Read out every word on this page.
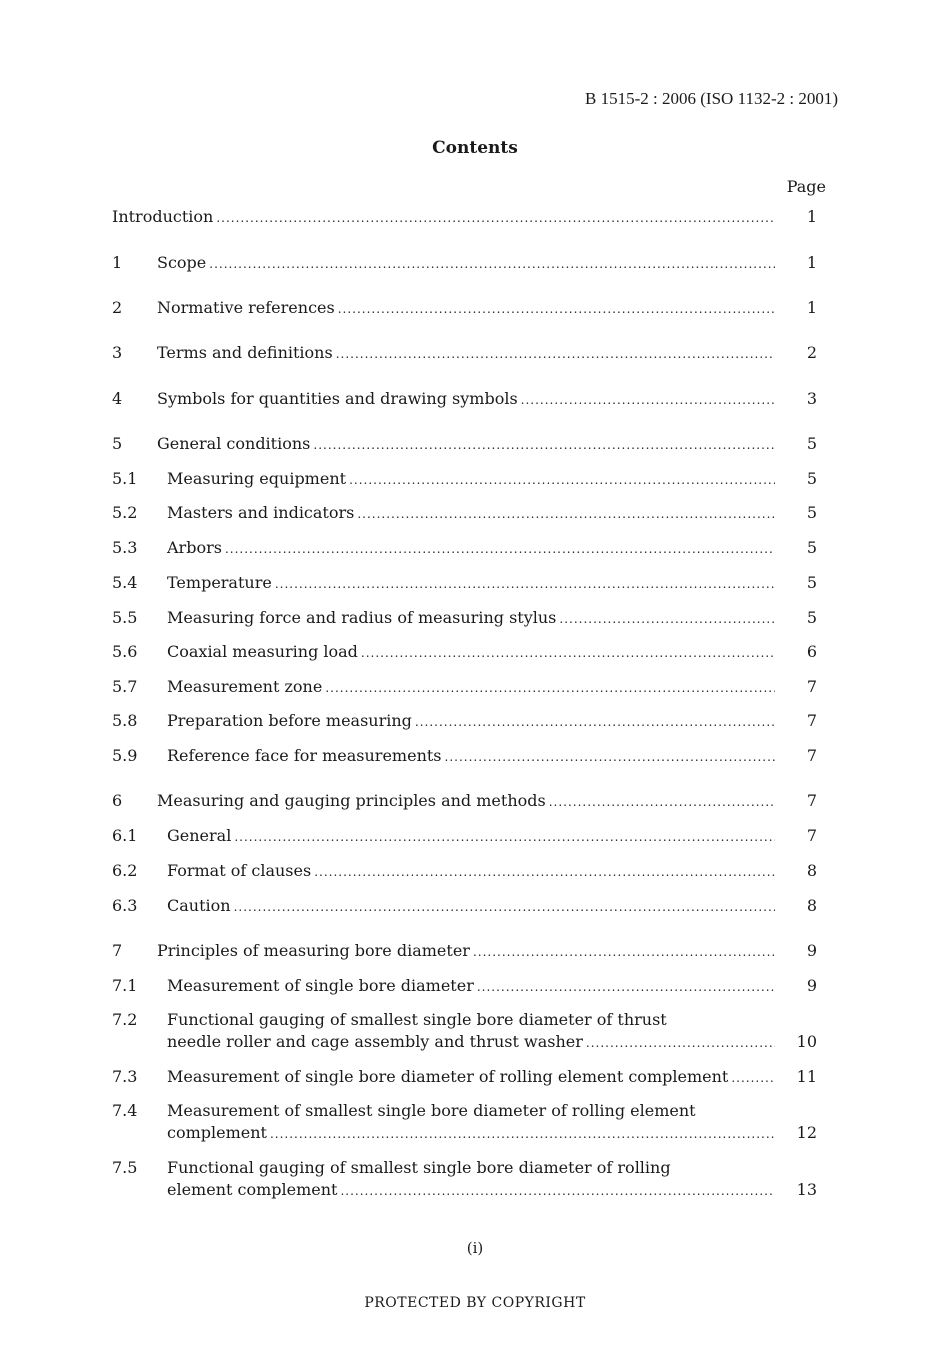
B 1515-2 : 2006 (ISO 1132-2 : 2001)
Contents
Page
Introduction .....	1
1 Scope .....	1
2 Normative references .....	1
3 Terms and definitions .....	2
4 Symbols for quantities and drawing symbols .....	3
5 General conditions .....	5
5.1 Measuring equipment .....	5
5.2 Masters and indicators .....	5
5.3 Arbors .....	5
5.4 Temperature .....	5
5.5 Measuring force and radius of measuring stylus .....	5
5.6 Coaxial measuring load .....	6
5.7 Measurement zone .....	7
5.8 Preparation before measuring .....	7
5.9 Reference face for measurements .....	7
6 Measuring and gauging principles and methods .....	7
6.1 General .....	7
6.2 Format of clauses .....	8
6.3 Caution .....	8
7 Principles of measuring bore diameter .....	9
7.1 Measurement of single bore diameter .....	9
7.2 Functional gauging of smallest single bore diameter of thrust
needle roller and cage assembly and thrust washer .....	10
7.3 Measurement of single bore diameter of rolling element complement .....	11
7.4 Measurement of smallest single bore diameter of rolling element
complement .....	12
7.5 Functional gauging of smallest single bore diameter of rolling
element complement .....	13
(i)
PROTECTED BY COPYRIGHT
